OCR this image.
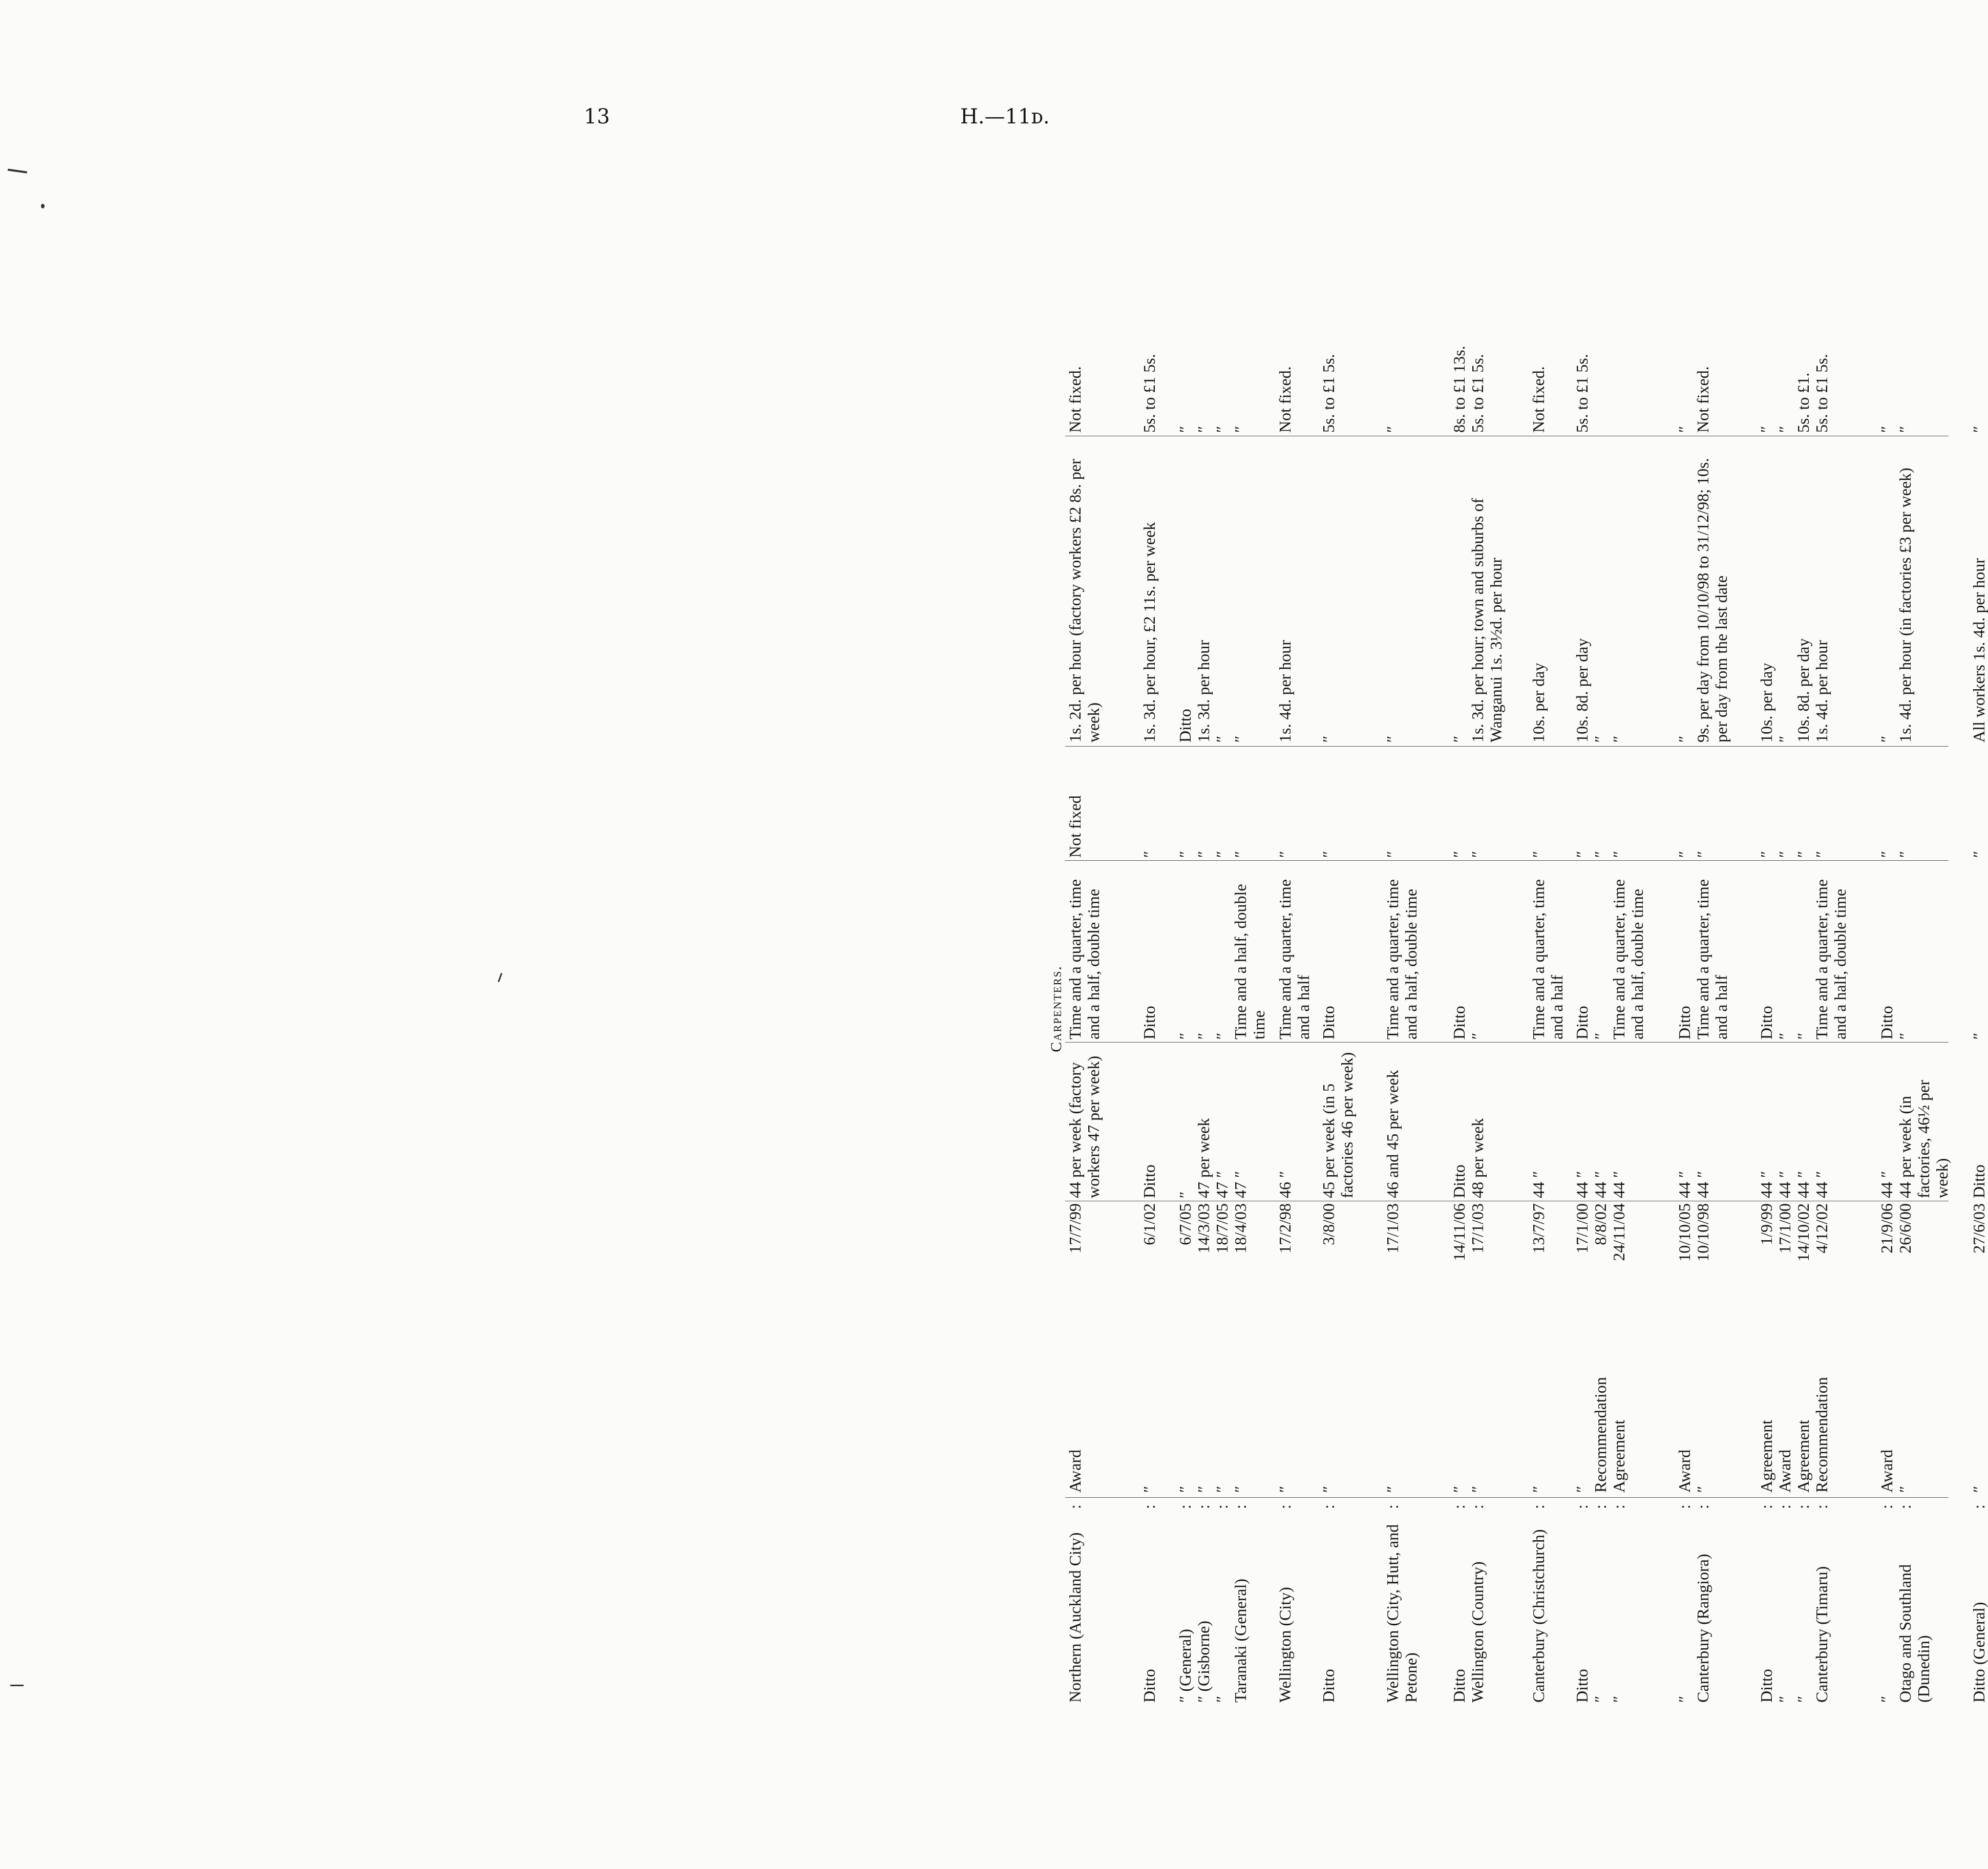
13	H.—11ᴅ.
Carpenters.
Northern (Auckland City)
Award
17/7/99
44 per week (factory workers 47 per week)
Time and a quarter, time and a half, double time
Not fixed
1s. 2d. per hour (factory workers £2 8s. per week)
Not fixed.
:
Ditto
″
6/1/02
Ditto
Ditto
″
1s. 3d. per hour, £2 11s. per week
5s. to £1 5s.
:
″ (General)
″
6/7/05
″
″
″
Ditto
″
:
″ (Gisborne)
″
14/3/03
47 per week
″
″
1s. 3d. per hour
″
:
″
″
18/7/05
47 ″
″
″
″
″
:
Taranaki (General)
″
18/4/03
47 ″
Time and a half, double time
″
″
″
:
Wellington (City)
″
17/2/98
46 ″
Time and a quarter, time and a half
″
1s. 4d. per hour
Not fixed.
:
Ditto
″
3/8/00
45 per week (in 5 factories 46 per week)
Ditto
″
″
5s. to £1 5s.
:
Wellington (City, Hutt, and Petone)
″
17/1/03
46 and 45 per week
Time and a quarter, time and a half, double time
″
″
″
:
Ditto
″
14/11/06
Ditto
Ditto
″
″
8s. to £1 13s.
:
Wellington (Country)
″
17/1/03
48 per week
″
″
1s. 3d. per hour; town and suburbs of Wanganui 1s. 3½d. per hour
5s. to £1 5s.
:
Canterbury (Christchurch)
″
13/7/97
44 ″
Time and a quarter, time and a half
″
10s. per day
Not fixed.
:
Ditto
″
17/1/00
44 ″
Ditto
″
10s. 8d. per day
5s. to £1 5s.
:
″
Recommendation
8/8/02
44 ″
″
″
″
:
″
Agreement
24/11/04
44 ″
Time and a quarter, time and a half, double time
″
″
:
″
Award
10/10/05
44 ″
Ditto
″
″
″
:
Canterbury (Rangiora)
″
10/10/98
44 ″
Time and a quarter, time and a half
″
9s. per day from 10/10/98 to 31/12/98; 10s. per day from the last date
Not fixed.
:
Ditto
Agreement
1/9/99
44 ″
Ditto
″
10s. per day
″
:
″
Award
17/1/00
44 ″
″
″
″
″
:
″
Agreement
14/10/02
44 ″
″
″
10s. 8d. per day
5s. to £1.
:
Canterbury (Timaru)
Recommendation
4/12/02
44 ″
Time and a quarter, time and a half, double time
″
1s. 4d. per hour
5s. to £1 5s.
:
″
Award
21/9/06
44 ″
Ditto
″
″
″
:
Otago and Southland (Dunedin)
″
26/6/00
44 per week (in factories, 46½ per week)
″
″
1s. 4d. per hour (in factories £3 per week)
″
:
Ditto (General)
″
27/6/03
Ditto
″
″
All workers 1s. 4d. per hour
″
:
